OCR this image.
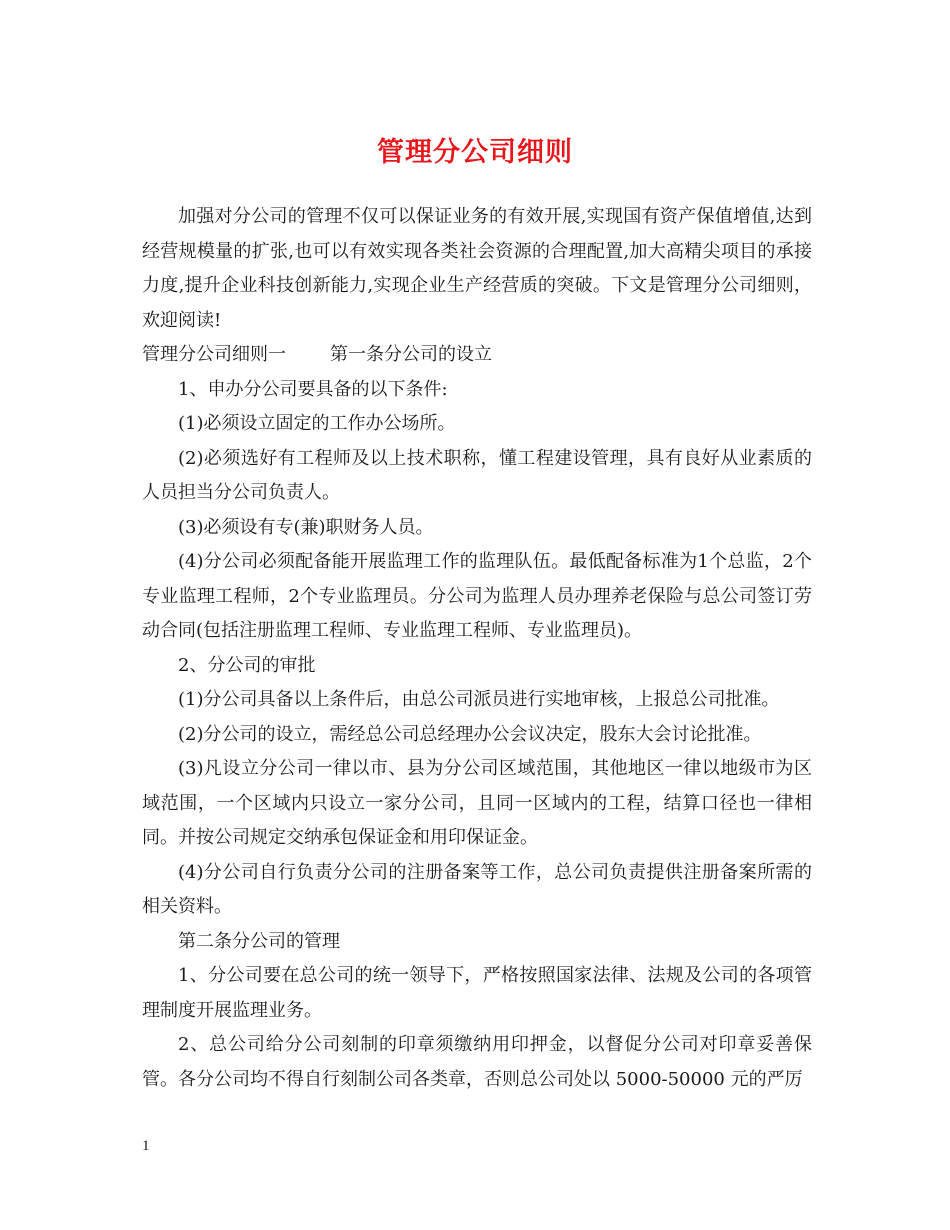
管理分公司细则

加强对分公司的管理不仅可以保证业务的有效开展,实现国有资产保值增值,达到经营规模量的扩张,也可以有效实现各类社会资源的合理配置,加大高精尖项目的承接力度,提升企业科技创新能力,实现企业生产经营质的突破。下文是管理分公司细则，欢迎阅读!

管理分公司细则一 第一条分公司的设立

1、申办分公司要具备的以下条件:

(1)必须设立固定的工作办公场所。

(2)必须选好有工程师及以上技术职称，懂工程建设管理，具有良好从业素质的人员担当分公司负责人。

(3)必须设有专(兼)职财务人员。

(4)分公司必须配备能开展监理工作的监理队伍。最低配备标准为1个总监，2个专业监理工程师，2个专业监理员。分公司为监理人员办理养老保险与总公司签订劳动合同(包括注册监理工程师、专业监理工程师、专业监理员)。

2、分公司的审批

(1)分公司具备以上条件后，由总公司派员进行实地审核，上报总公司批准。

(2)分公司的设立，需经总公司总经理办公会议决定，股东大会讨论批准。

(3)凡设立分公司一律以市、县为分公司区域范围，其他地区一律以地级市为区域范围，一个区域内只设立一家分公司，且同一区域内的工程，结算口径也一律相同。并按公司规定交纳承包保证金和用印保证金。

(4)分公司自行负责分公司的注册备案等工作，总公司负责提供注册备案所需的相关资料。

第二条分公司的管理

1、分公司要在总公司的统一领导下，严格按照国家法律、法规及公司的各项管理制度开展监理业务。

2、总公司给分公司刻制的印章须缴纳用印押金，以督促分公司对印章妥善保管。各分公司均不得自行刻制公司各类章，否则总公司处以 5000-50000 元的严厉

1
